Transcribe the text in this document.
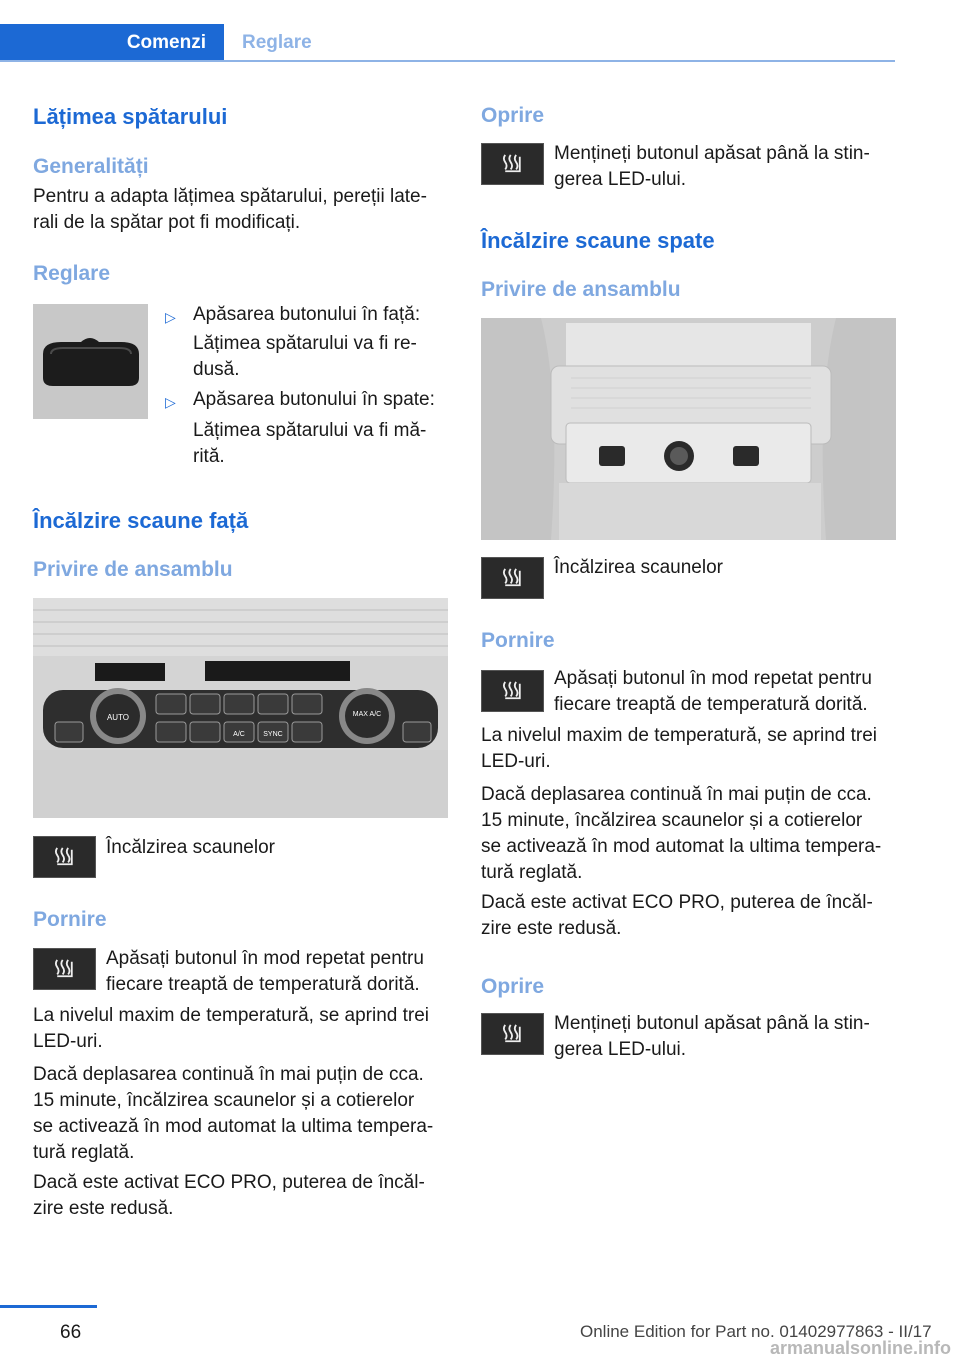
Comenzi	Reglare
Lățimea spătarului
Generalități
Pentru a adapta lățimea spătarului, pereții late-
rali de la spătar pot fi modificați.
Reglare
▷ Apăsarea butonului în față:
Lățimea spătarului va fi re-
dusă.
▷ Apăsarea butonului în spate:
Lățimea spătarului va fi mă-
rită.
Încălzire scaune față
Privire de ansamblu
AUTO	MAX A/C
A/C	SYNC
Încălzirea scaunelor
Pornire
Apăsați butonul în mod repetat pentru
fiecare treaptă de temperatură dorită.
La nivelul maxim de temperatură, se aprind trei
LED-uri.
Dacă deplasarea continuă în mai puțin de cca.
15 minute, încălzirea scaunelor și a cotierelor
se activează în mod automat la ultima tempera-
tură reglată.
Dacă este activat ECO PRO, puterea de încăl-
zire este redusă.
Oprire
Mențineți butonul apăsat până la stin-
gerea LED-ului.
Încălzire scaune spate
Privire de ansamblu
Încălzirea scaunelor
Pornire
Apăsați butonul în mod repetat pentru
fiecare treaptă de temperatură dorită.
La nivelul maxim de temperatură, se aprind trei
LED-uri.
Dacă deplasarea continuă în mai puțin de cca.
15 minute, încălzirea scaunelor și a cotierelor
se activează în mod automat la ultima tempera-
tură reglată.
Dacă este activat ECO PRO, puterea de încăl-
zire este redusă.
Oprire
Mențineți butonul apăsat până la stin-
gerea LED-ului.
66	Online Edition for Part no. 01402977863 - II/17
armanualsonline.info
